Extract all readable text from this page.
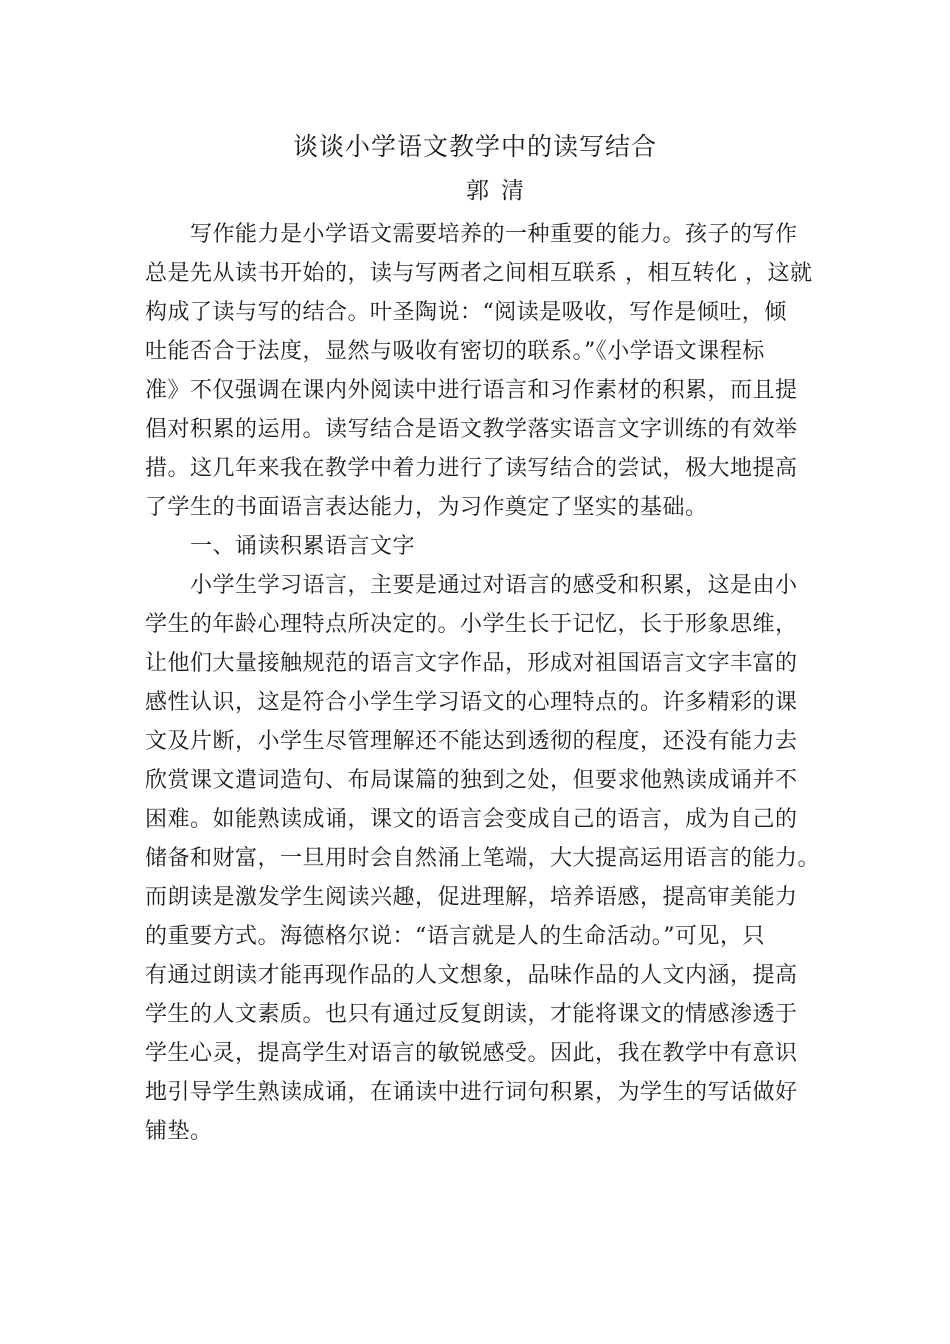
谈谈小学语文教学中的读写结合
郭清
写作能力是小学语文需要培养的一种重要的能力。孩子的写作
总是先从读书开始的，读与写两者之间相互联系 ，相互转化 ，这就
构成了读与写的结合。叶圣陶说：“阅读是吸收，写作是倾吐，倾
吐能否合于法度，显然与吸收有密切的联系。”《小学语文课程标
准》不仅强调在课内外阅读中进行语言和习作素材的积累，而且提
倡对积累的运用。读写结合是语文教学落实语言文字训练的有效举
措。这几年来我在教学中着力进行了读写结合的尝试，极大地提高
了学生的书面语言表达能力，为习作奠定了坚实的基础。
一、诵读积累语言文字
小学生学习语言，主要是通过对语言的感受和积累，这是由小
学生的年龄心理特点所决定的。小学生长于记忆，长于形象思维，
让他们大量接触规范的语言文字作品，形成对祖国语言文字丰富的
感性认识，这是符合小学生学习语文的心理特点的。许多精彩的课
文及片断，小学生尽管理解还不能达到透彻的程度，还没有能力去
欣赏课文遣词造句、布局谋篇的独到之处，但要求他熟读成诵并不
困难。如能熟读成诵，课文的语言会变成自己的语言，成为自己的
储备和财富，一旦用时会自然涌上笔端，大大提高运用语言的能力。
而朗读是激发学生阅读兴趣，促进理解，培养语感，提高审美能力
的重要方式。海德格尔说：“语言就是人的生命活动。”可见，只
有通过朗读才能再现作品的人文想象，品味作品的人文内涵，提高
学生的人文素质。也只有通过反复朗读，才能将课文的情感渗透于
学生心灵，提高学生对语言的敏锐感受。因此，我在教学中有意识
地引导学生熟读成诵，在诵读中进行词句积累，为学生的写话做好
铺垫。
